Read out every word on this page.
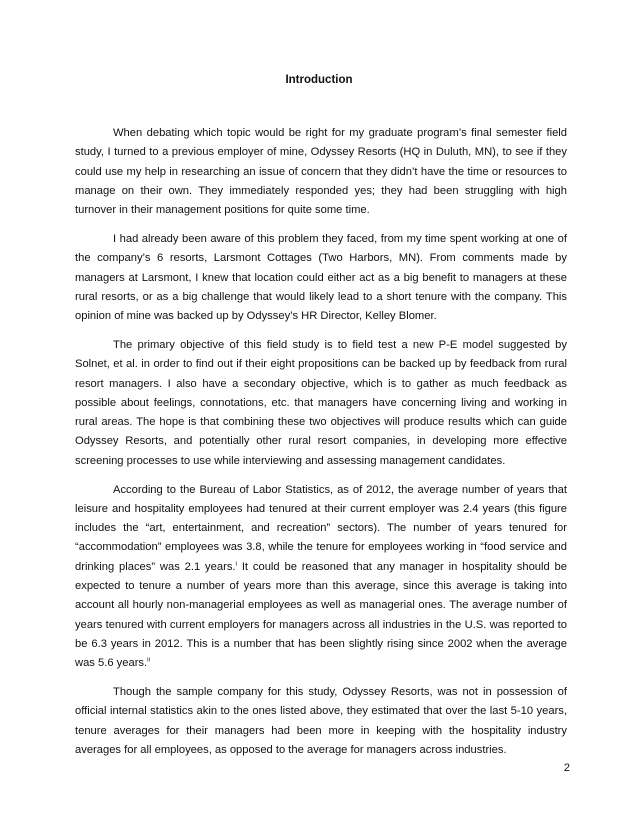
Introduction

When debating which topic would be right for my graduate program’s final semester field study, I turned to a previous employer of mine, Odyssey Resorts (HQ in Duluth, MN), to see if they could use my help in researching an issue of concern that they didn’t have the time or resources to manage on their own. They immediately responded yes; they had been struggling with high turnover in their management positions for quite some time.

I had already been aware of this problem they faced, from my time spent working at one of the company’s 6 resorts, Larsmont Cottages (Two Harbors, MN). From comments made by managers at Larsmont, I knew that location could either act as a big benefit to managers at these rural resorts, or as a big challenge that would likely lead to a short tenure with the company. This opinion of mine was backed up by Odyssey’s HR Director, Kelley Blomer.

The primary objective of this field study is to field test a new P-E model suggested by Solnet, et al. in order to find out if their eight propositions can be backed up by feedback from rural resort managers. I also have a secondary objective, which is to gather as much feedback as possible about feelings, connotations, etc. that managers have concerning living and working in rural areas. The hope is that combining these two objectives will produce results which can guide Odyssey Resorts, and potentially other rural resort companies, in developing more effective screening processes to use while interviewing and assessing management candidates.

According to the Bureau of Labor Statistics, as of 2012, the average number of years that leisure and hospitality employees had tenured at their current employer was 2.4 years (this figure includes the “art, entertainment, and recreation” sectors). The number of years tenured for “accommodation” employees was 3.8, while the tenure for employees working in “food service and drinking places” was 2.1 years.$^i$ It could be reasoned that any manager in hospitality should be expected to tenure a number of years more than this average, since this average is taking into account all hourly non-managerial employees as well as managerial ones. The average number of years tenured with current employers for managers across all industries in the U.S. was reported to be 6.3 years in 2012. This is a number that has been slightly rising since 2002 when the average was 5.6 years.$^{ii}$

Though the sample company for this study, Odyssey Resorts, was not in possession of official internal statistics akin to the ones listed above, they estimated that over the last 5-10 years, tenure averages for their managers had been more in keeping with the hospitality industry averages for all employees, as opposed to the average for managers across industries.

2
